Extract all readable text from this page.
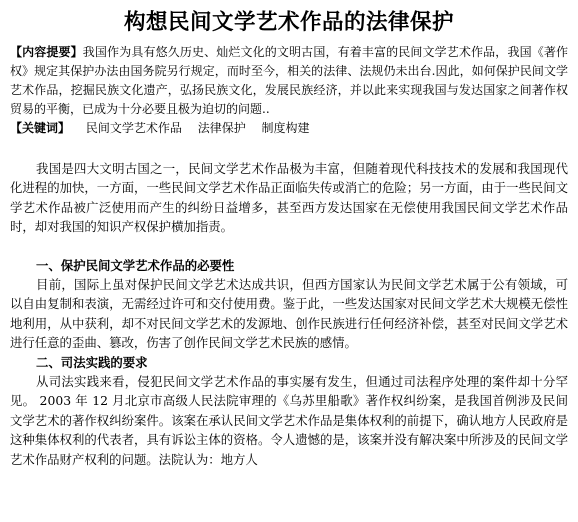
构想民间文学艺术作品的法律保护
【内容提要】我国作为具有悠久历史、灿烂文化的文明古国，有着丰富的民间文学艺术作品，我国《著作权》规定其保护办法由国务院另行规定，而时至今，相关的法律、法规仍未出台.因此，如何保护民间文学艺术作品，挖掘民族文化遗产，弘扬民族文化，发展民族经济，并以此来实现我国与发达国家之间著作权贸易的平衡，已成为十分必要且极为迫切的问题..
【关键词】 民间文学艺术作品 法律保护 制度构建

我国是四大文明古国之一，民间文学艺术作品极为丰富，但随着现代科技技术的发展和我国现代化进程的加快，一方面，一些民间文学艺术作品正面临失传或消亡的危险；另一方面，由于一些民间文学艺术作品被广泛使用而产生的纠纷日益增多，甚至西方发达国家在无偿使用我国民间文学艺术作品时，却对我国的知识产权保护横加指责。

一、保护民间文学艺术作品的必要性

目前，国际上虽对保护民间文学艺术达成共识，但西方国家认为民间文学艺术属于公有领域，可以自由复制和表演，无需经过许可和交付使用费。鉴于此，一些发达国家对民间文学艺术大规模无偿性地利用，从中获利，却不对民间文学艺术的发源地、创作民族进行任何经济补偿，甚至对民间文学艺术进行任意的歪曲、篡改，伤害了创作民间文学艺术民族的感情。

二、司法实践的要求

从司法实践来看，侵犯民间文学艺术作品的事实屡有发生，但通过司法程序处理的案件却十分罕见。 2003 年 12 月北京市高级人民法院审理的《乌苏里船歌》著作权纠纷案，是我国首例涉及民间文学艺术的著作权纠纷案件。该案在承认民间文学艺术作品是集体权利的前提下，确认地方人民政府是这种集体权利的代表者，具有诉讼主体的资格。令人遗憾的是，该案并没有解决案中所涉及的民间文学艺术作品财产权利的问题。法院认为：地方人
